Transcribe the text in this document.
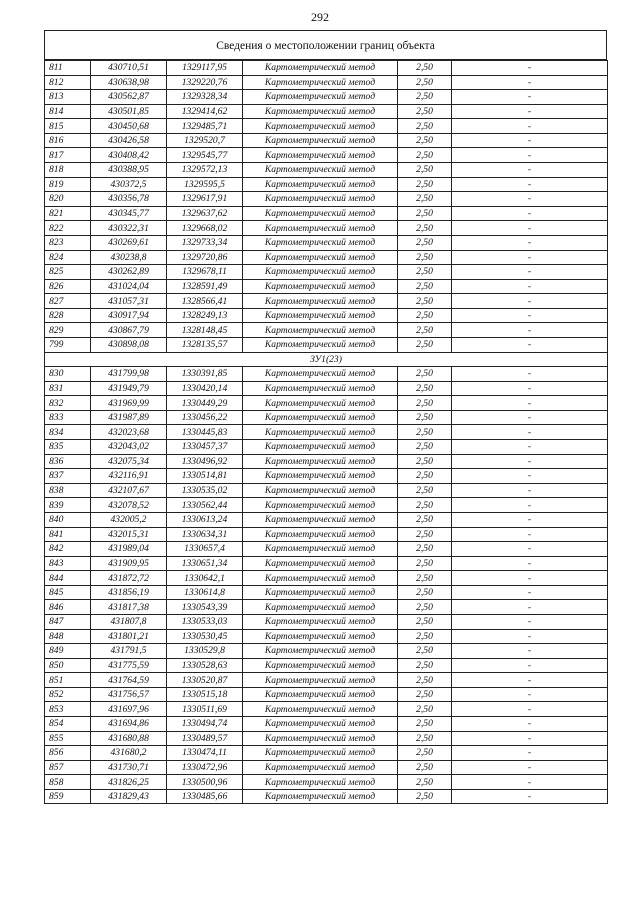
292
Сведения о местоположении границ объекта
811	430710,51	1329117,95	Картометрический метод	2,50	-
812	430638,98	1329220,76	Картометрический метод	2,50	-
813	430562,87	1329328,34	Картометрический метод	2,50	-
814	430501,85	1329414,62	Картометрический метод	2,50	-
815	430450,68	1329485,71	Картометрический метод	2,50	-
816	430426,58	1329520,7	Картометрический метод	2,50	-
817	430408,42	1329545,77	Картометрический метод	2,50	-
818	430388,95	1329572,13	Картометрический метод	2,50	-
819	430372,5	1329595,5	Картометрический метод	2,50	-
820	430356,78	1329617,91	Картометрический метод	2,50	-
821	430345,77	1329637,62	Картометрический метод	2,50	-
822	430322,31	1329668,02	Картометрический метод	2,50	-
823	430269,61	1329733,34	Картометрический метод	2,50	-
824	430238,8	1329720,86	Картометрический метод	2,50	-
825	430262,89	1329678,11	Картометрический метод	2,50	-
826	431024,04	1328591,49	Картометрический метод	2,50	-
827	431057,31	1328566,41	Картометрический метод	2,50	-
828	430917,94	1328249,13	Картометрический метод	2,50	-
829	430867,79	1328148,45	Картометрический метод	2,50	-
799	430898,08	1328135,57	Картометрический метод	2,50	-
ЗУ1(23)					
830	431799,98	1330391,85	Картометрический метод	2,50	-
831	431949,79	1330420,14	Картометрический метод	2,50	-
832	431969,99	1330449,29	Картометрический метод	2,50	-
833	431987,89	1330456,22	Картометрический метод	2,50	-
834	432023,68	1330445,83	Картометрический метод	2,50	-
835	432043,02	1330457,37	Картометрический метод	2,50	-
836	432075,34	1330496,92	Картометрический метод	2,50	-
837	432116,91	1330514,81	Картометрический метод	2,50	-
838	432107,67	1330535,02	Картометрический метод	2,50	-
839	432078,52	1330562,44	Картометрический метод	2,50	-
840	432005,2	1330613,24	Картометрический метод	2,50	-
841	432015,31	1330634,31	Картометрический метод	2,50	-
842	431989,04	1330657,4	Картометрический метод	2,50	-
843	431909,95	1330651,34	Картометрический метод	2,50	-
844	431872,72	1330642,1	Картометрический метод	2,50	-
845	431856,19	1330614,8	Картометрический метод	2,50	-
846	431817,38	1330543,39	Картометрический метод	2,50	-
847	431807,8	1330533,03	Картометрический метод	2,50	-
848	431801,21	1330530,45	Картометрический метод	2,50	-
849	431791,5	1330529,8	Картометрический метод	2,50	-
850	431775,59	1330528,63	Картометрический метод	2,50	-
851	431764,59	1330520,87	Картометрический метод	2,50	-
852	431756,57	1330515,18	Картометрический метод	2,50	-
853	431697,96	1330511,69	Картометрический метод	2,50	-
854	431694,86	1330494,74	Картометрический метод	2,50	-
855	431680,88	1330489,57	Картометрический метод	2,50	-
856	431680,2	1330474,11	Картометрический метод	2,50	-
857	431730,71	1330472,96	Картометрический метод	2,50	-
858	431826,25	1330500,96	Картометрический метод	2,50	-
859	431829,43	1330485,66	Картометрический метод	2,50	-
